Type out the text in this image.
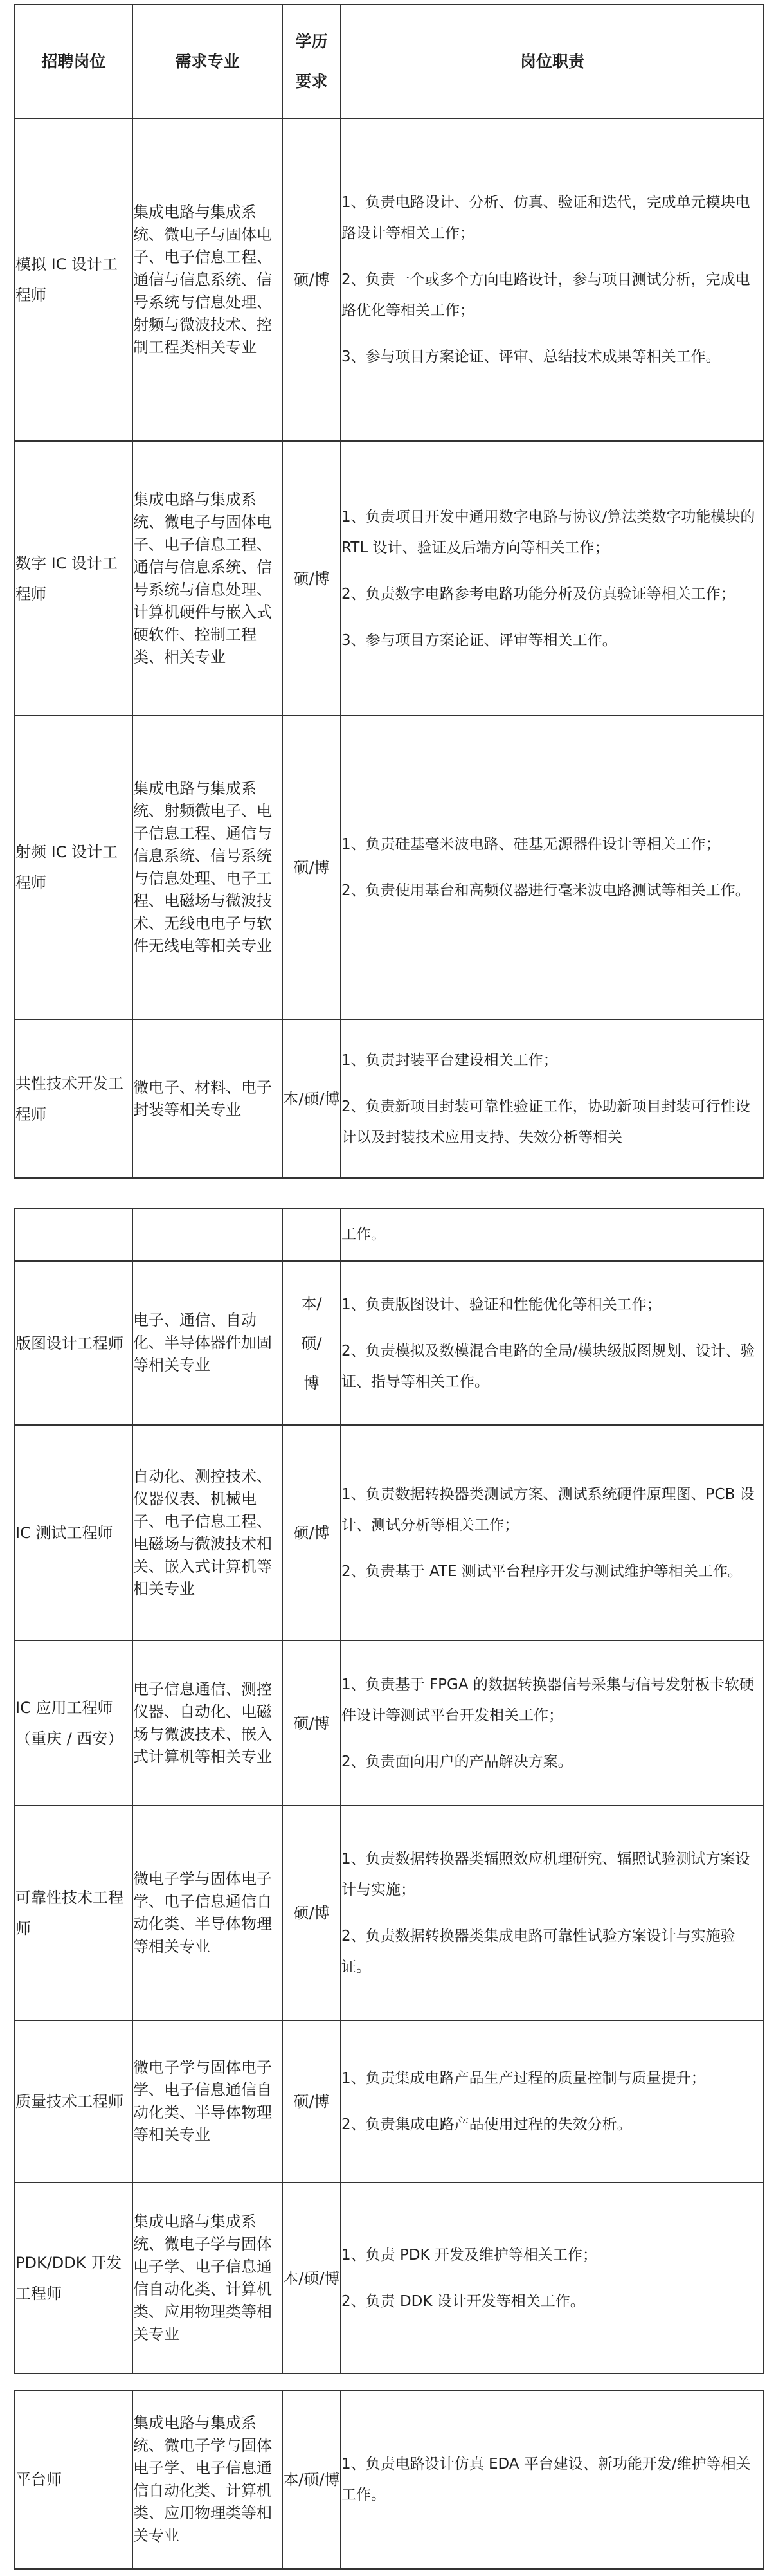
招聘岗位	需求专业	学历要求	岗位职责
模拟 IC 设计工程师	集成电路与集成系统、微电子与固体电子、电子信息工程、通信与信息系统、信号系统与信息处理、射频与微波技术、控制工程类相关专业	硕/博	1、负责电路设计、分析、仿真、验证和迭代，完成单元模块电路设计等相关工作；

2、负责一个或多个方向电路设计，参与项目测试分析，完成电路优化等相关工作；

3、参与项目方案论证、评审、总结技术成果等相关工作。

数字 IC 设计工程师	集成电路与集成系统、微电子与固体电子、电子信息工程、通信与信息系统、信号系统与信息处理、计算机硬件与嵌入式硬软件、控制工程类、相关专业	硕/博	1、负责项目开发中通用数字电路与协议/算法类数字功能模块的 RTL 设计、验证及后端方向等相关工作；

2、负责数字电路参考电路功能分析及仿真验证等相关工作；

3、参与项目方案论证、评审等相关工作。

射频 IC 设计工程师	集成电路与集成系统、射频微电子、电子信息工程、通信与信息系统、信号系统与信息处理、电子工程、电磁场与微波技术、无线电电子与软件无线电等相关专业	硕/博	1、负责硅基毫米波电路、硅基无源器件设计等相关工作；

2、负责使用基台和高频仪器进行毫米波电路测试等相关工作。

共性技术开发工程师	微电子、材料、电子封装等相关专业	本/硕/博	1、负责封装平台建设相关工作；

2、负责新项目封装可靠性验证工作，协助新项目封装可行性设计以及封装技术应用支持、失效分析等相关

			工作。

版图设计工程师	电子、通信、自动化、半导体器件加固等相关专业	本/硕/博	1、负责版图设计、验证和性能优化等相关工作；

2、负责模拟及数模混合电路的全局/模块级版图规划、设计、验证、指导等相关工作。

IC 测试工程师	自动化、测控技术、仪器仪表、机械电子、电子信息工程、电磁场与微波技术相关、嵌入式计算机等相关专业	硕/博	1、负责数据转换器类测试方案、测试系统硬件原理图、PCB 设计、测试分析等相关工作；

2、负责基于 ATE 测试平台程序开发与测试维护等相关工作。

IC 应用工程师（重庆 / 西安）	电子信息通信、测控仪器、自动化、电磁场与微波技术、嵌入式计算机等相关专业	硕/博	1、负责基于 FPGA 的数据转换器信号采集与信号发射板卡软硬件设计等测试平台开发相关工作；

2、负责面向用户的产品解决方案。

可靠性技术工程师	微电子学与固体电子学、电子信息通信自动化类、半导体物理等相关专业	硕/博	1、负责数据转换器类辐照效应机理研究、辐照试验测试方案设计与实施；

2、负责数据转换器类集成电路可靠性试验方案设计与实施验证。

质量技术工程师	微电子学与固体电子学、电子信息通信自动化类、半导体物理等相关专业	硕/博	1、负责集成电路产品生产过程的质量控制与质量提升；

2、负责集成电路产品使用过程的失效分析。

PDK/DDK 开发工程师	集成电路与集成系统、微电子学与固体电子学、电子信息通信自动化类、计算机类、应用物理类等相关专业	本/硕/博	1、负责 PDK 开发及维护等相关工作；

2、负责 DDK 设计开发等相关工作。

平台师	集成电路与集成系统、微电子学与固体电子学、电子信息通信自动化类、计算机类、应用物理类等相关专业	本/硕/博	

1、负责电路设计仿真 EDA 平台建设、新功能开发/维护等相关工作。
